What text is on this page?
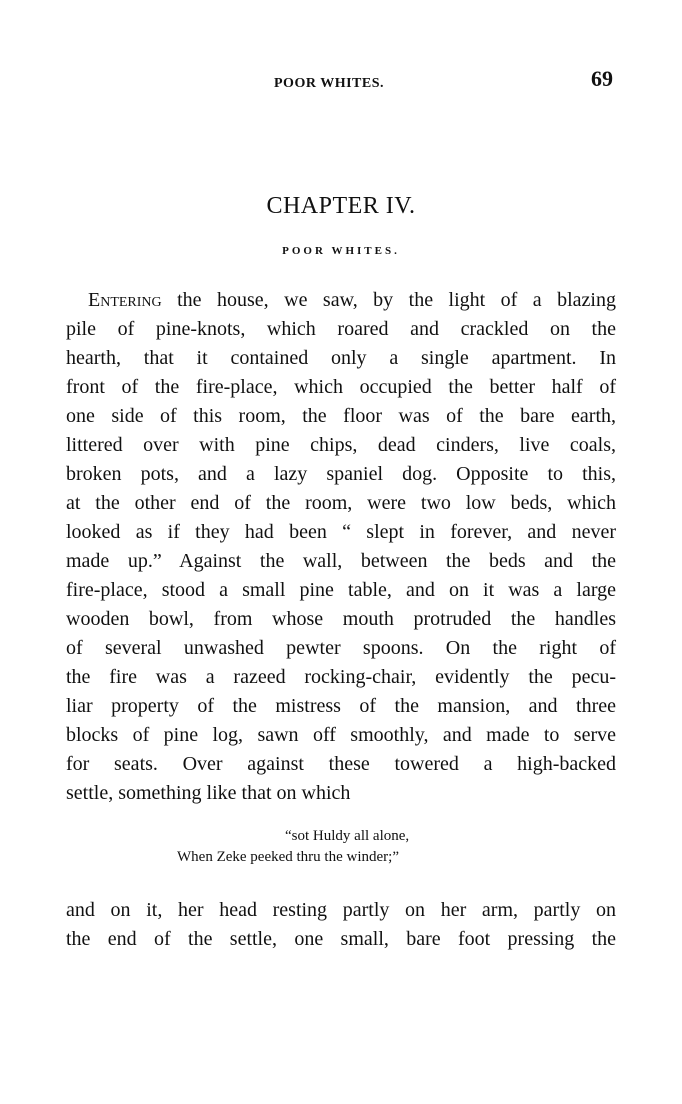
POOR WHITES.	69
CHAPTER IV.
POOR WHITES.
Entering the house, we saw, by the light of a blazing
pile of pine-knots, which roared and crackled on the
hearth, that it contained only a single apartment. In
front of the fire-place, which occupied the better half of
one side of this room, the floor was of the bare earth,
littered over with pine chips, dead cinders, live coals,
broken pots, and a lazy spaniel dog. Opposite to this,
at the other end of the room, were two low beds, which
looked as if they had been “ slept in forever, and never
made up.” Against the wall, between the beds and the
fire-place, stood a small pine table, and on it was a large
wooden bowl, from whose mouth protruded the handles
of several unwashed pewter spoons. On the right of
the fire was a razeed rocking-chair, evidently the pecu-
liar property of the mistress of the mansion, and three
blocks of pine log, sawn off smoothly, and made to serve
for seats. Over against these towered a high-backed
settle, something like that on which
“sot Huldy all alone,
When Zeke peeked thru the winder;”
and on it, her head resting partly on her arm, partly on
the end of the settle, one small, bare foot pressing the
